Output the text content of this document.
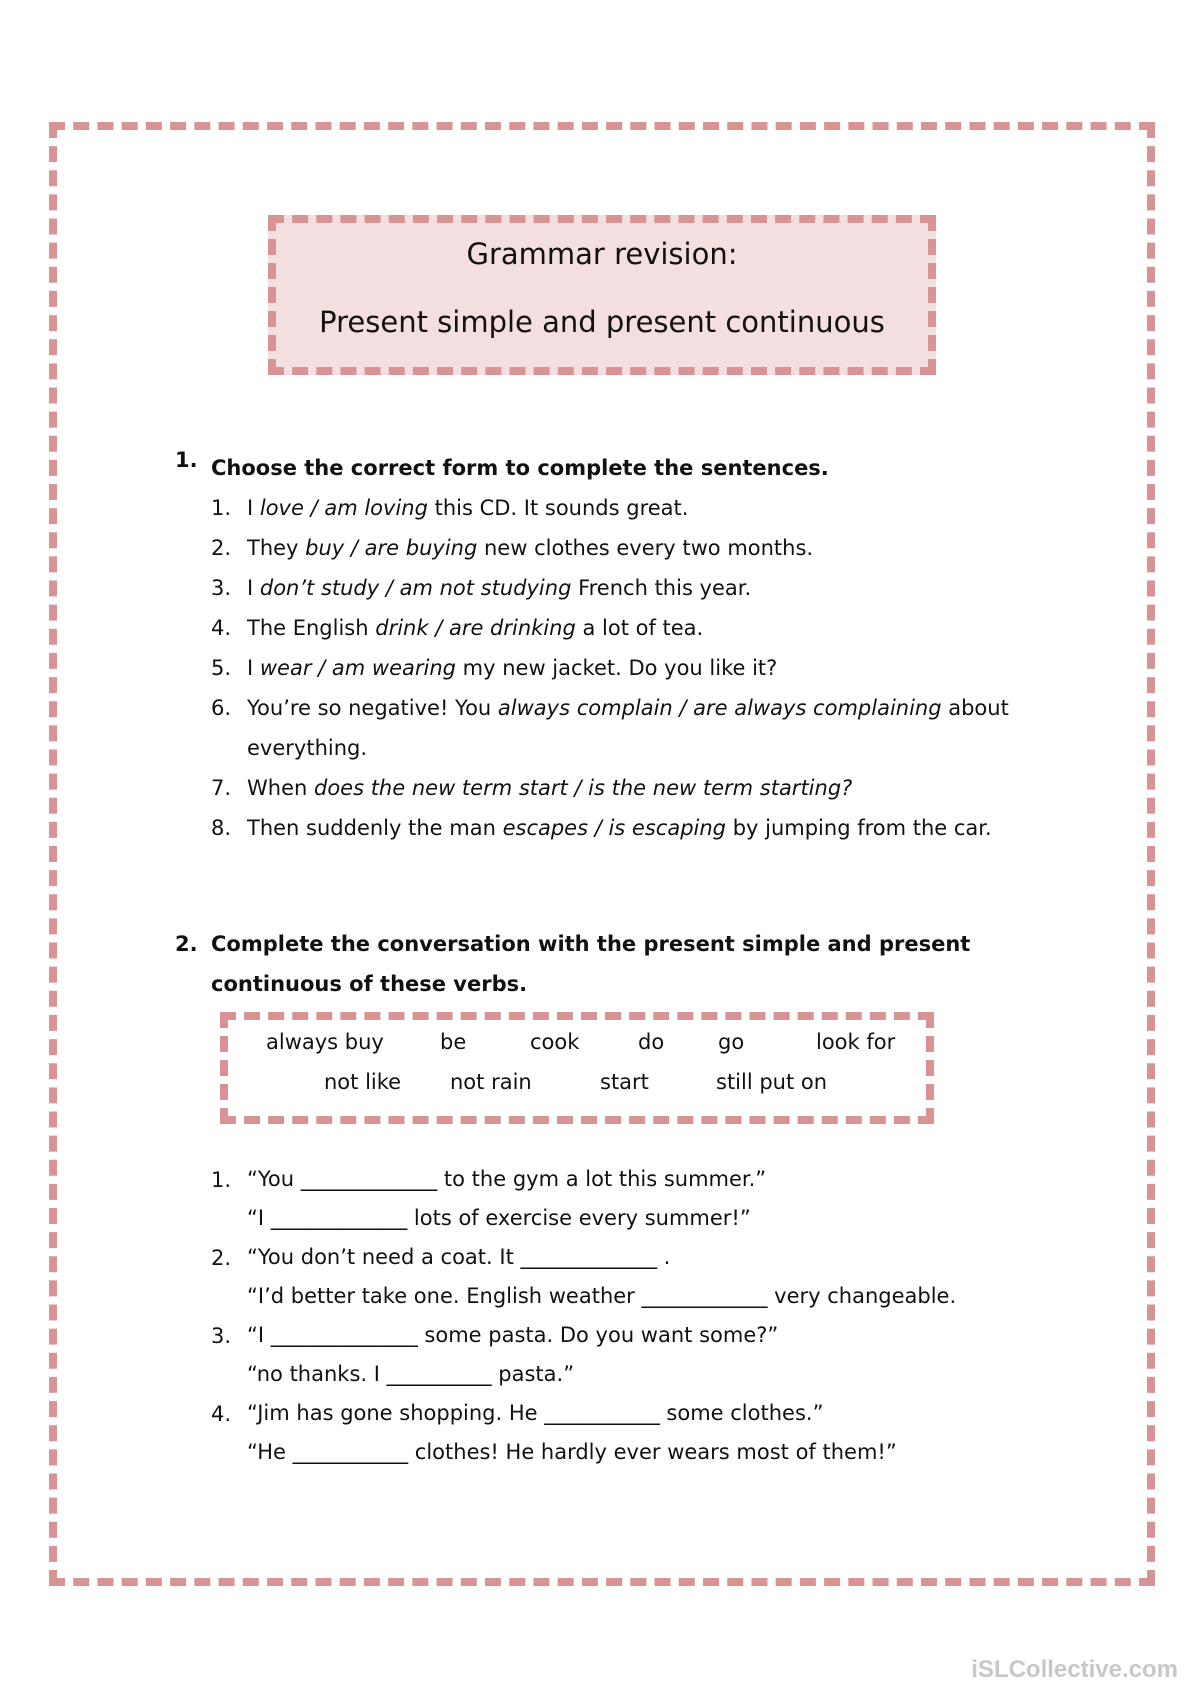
Grammar revision:
Present simple and present continuous
1. Choose the correct form to complete the sentences.
1. I love / am loving this CD. It sounds great.
2. They buy / are buying new clothes every two months.
3. I don’t study / am not studying French this year.
4. The English drink / are drinking a lot of tea.
5. I wear / am wearing my new jacket. Do you like it?
6. You’re so negative! You always complain / are always complaining about everything.
7. When does the new term start / is the new term starting?
8. Then suddenly the man escapes / is escaping by jumping from the car.
2. Complete the conversation with the present simple and present continuous of these verbs.
always buy	be	cook	do	go	look for
not like not rain	start	still put on
1. “You _____________ to the gym a lot this summer.”
“I _____________ lots of exercise every summer!”
2. “You don’t need a coat. It _____________ .
“I’d better take one. English weather ____________ very changeable.
3. “I ______________ some pasta. Do you want some?”
“no thanks. I __________ pasta.”
4. “Jim has gone shopping. He ___________ some clothes.”
“He ___________ clothes! He hardly ever wears most of them!”
iSLCollective.com
